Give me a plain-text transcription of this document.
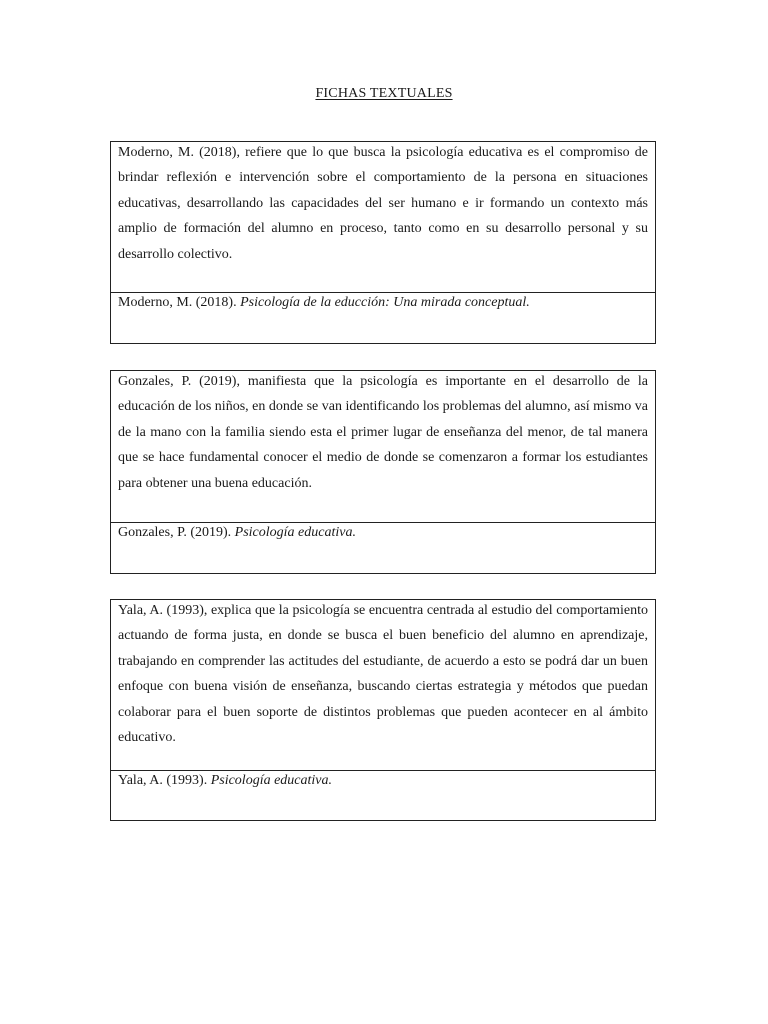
FICHAS TEXTUALES
Moderno, M. (2018), refiere que lo que busca la psicología educativa es el compromiso de brindar reflexión e intervención sobre el comportamiento de la persona en situaciones educativas, desarrollando las capacidades del ser humano e ir formando un contexto más amplio de formación del alumno en proceso, tanto como en su desarrollo personal y su desarrollo colectivo.
Moderno, M. (2018). Psicología de la educción: Una mirada conceptual.
Gonzales, P. (2019), manifiesta que la psicología es importante en el desarrollo de la educación de los niños, en donde se van identificando los problemas del alumno, así mismo va de la mano con la familia siendo esta el primer lugar de enseñanza del menor, de tal manera que se hace fundamental conocer el medio de donde se comenzaron a formar los estudiantes para obtener una buena educación.
Gonzales, P. (2019). Psicología educativa.
Yala, A. (1993), explica que la psicología se encuentra centrada al estudio del comportamiento actuando de forma justa, en donde se busca el buen beneficio del alumno en aprendizaje, trabajando en comprender las actitudes del estudiante, de acuerdo a esto se podrá dar un buen enfoque con buena visión de enseñanza, buscando ciertas estrategia y métodos que puedan colaborar para el buen soporte de distintos problemas que pueden acontecer en al ámbito educativo.
Yala, A. (1993). Psicología educativa.
